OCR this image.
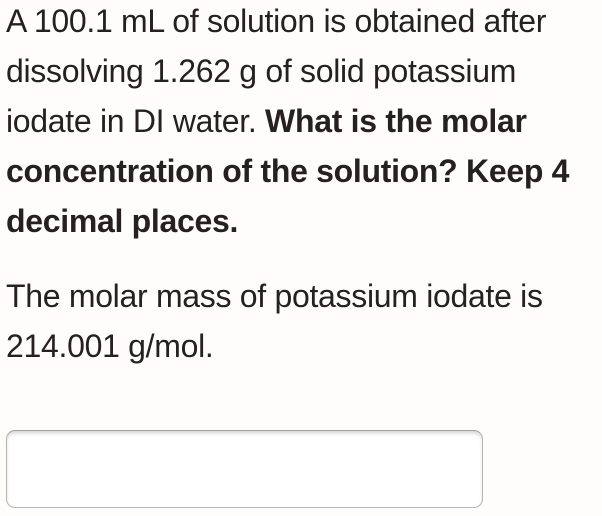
A 100.1 mL of solution is obtained after dissolving 1.262 g of solid potassium iodate in DI water. What is the molar concentration of the solution? Keep 4 decimal places.

The molar mass of potassium iodate is 214.001 g/mol.
